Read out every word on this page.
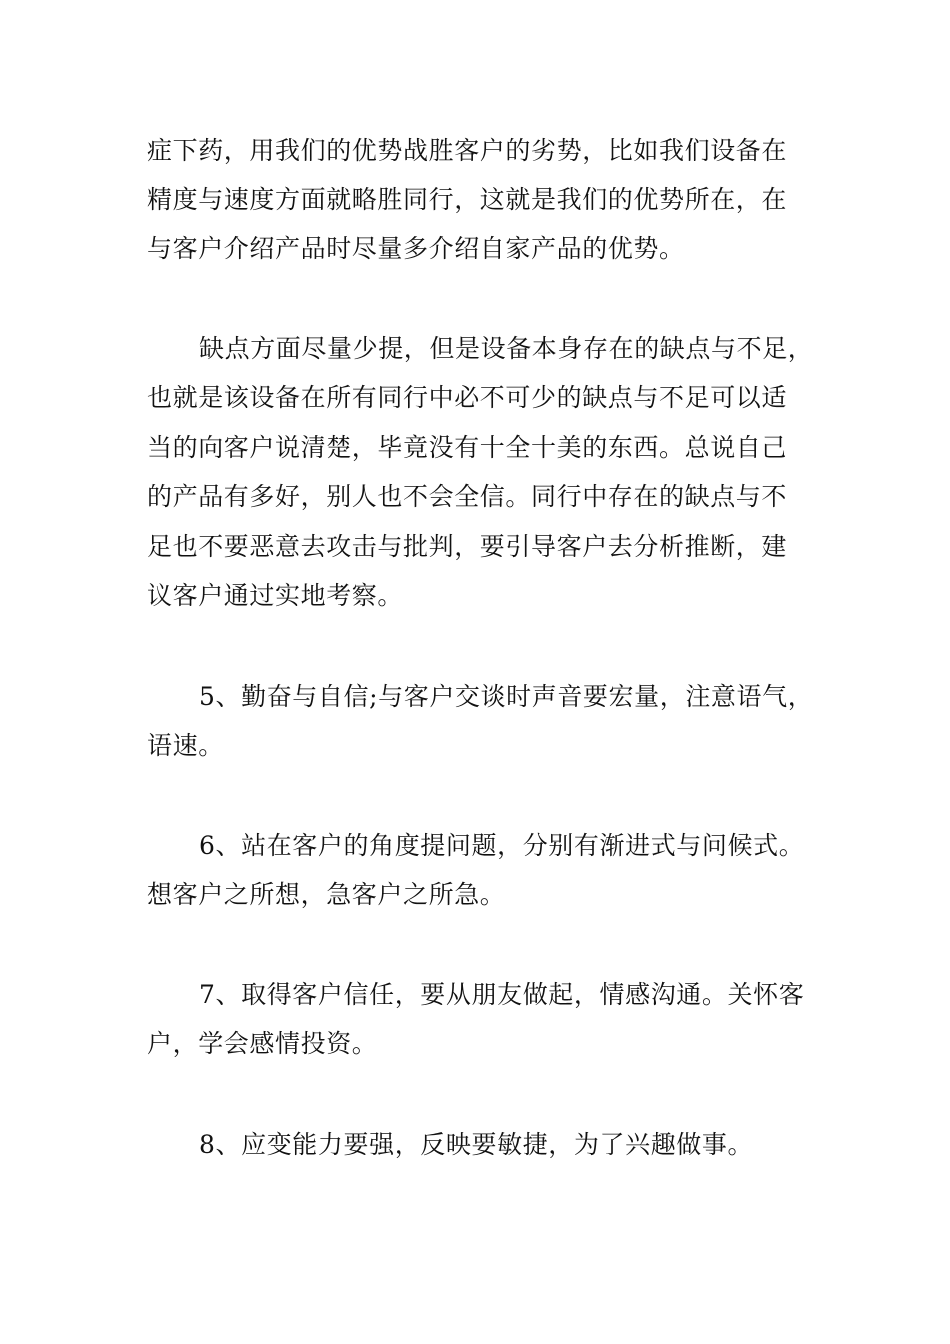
症下药，用我们的优势战胜客户的劣势，比如我们设备在
精度与速度方面就略胜同行，这就是我们的优势所在，在
与客户介绍产品时尽量多介绍自家产品的优势。
缺点方面尽量少提，但是设备本身存在的缺点与不足，
也就是该设备在所有同行中必不可少的缺点与不足可以适
当的向客户说清楚，毕竟没有十全十美的东西。总说自己
的产品有多好，别人也不会全信。同行中存在的缺点与不
足也不要恶意去攻击与批判，要引导客户去分析推断，建
议客户通过实地考察。
5、勤奋与自信;与客户交谈时声音要宏量，注意语气，
语速。
6、站在客户的角度提问题，分别有渐进式与问候式。
想客户之所想，急客户之所急。
7、取得客户信任，要从朋友做起，情感沟通。关怀客
户，学会感情投资。
8、应变能力要强，反映要敏捷，为了兴趣做事。
